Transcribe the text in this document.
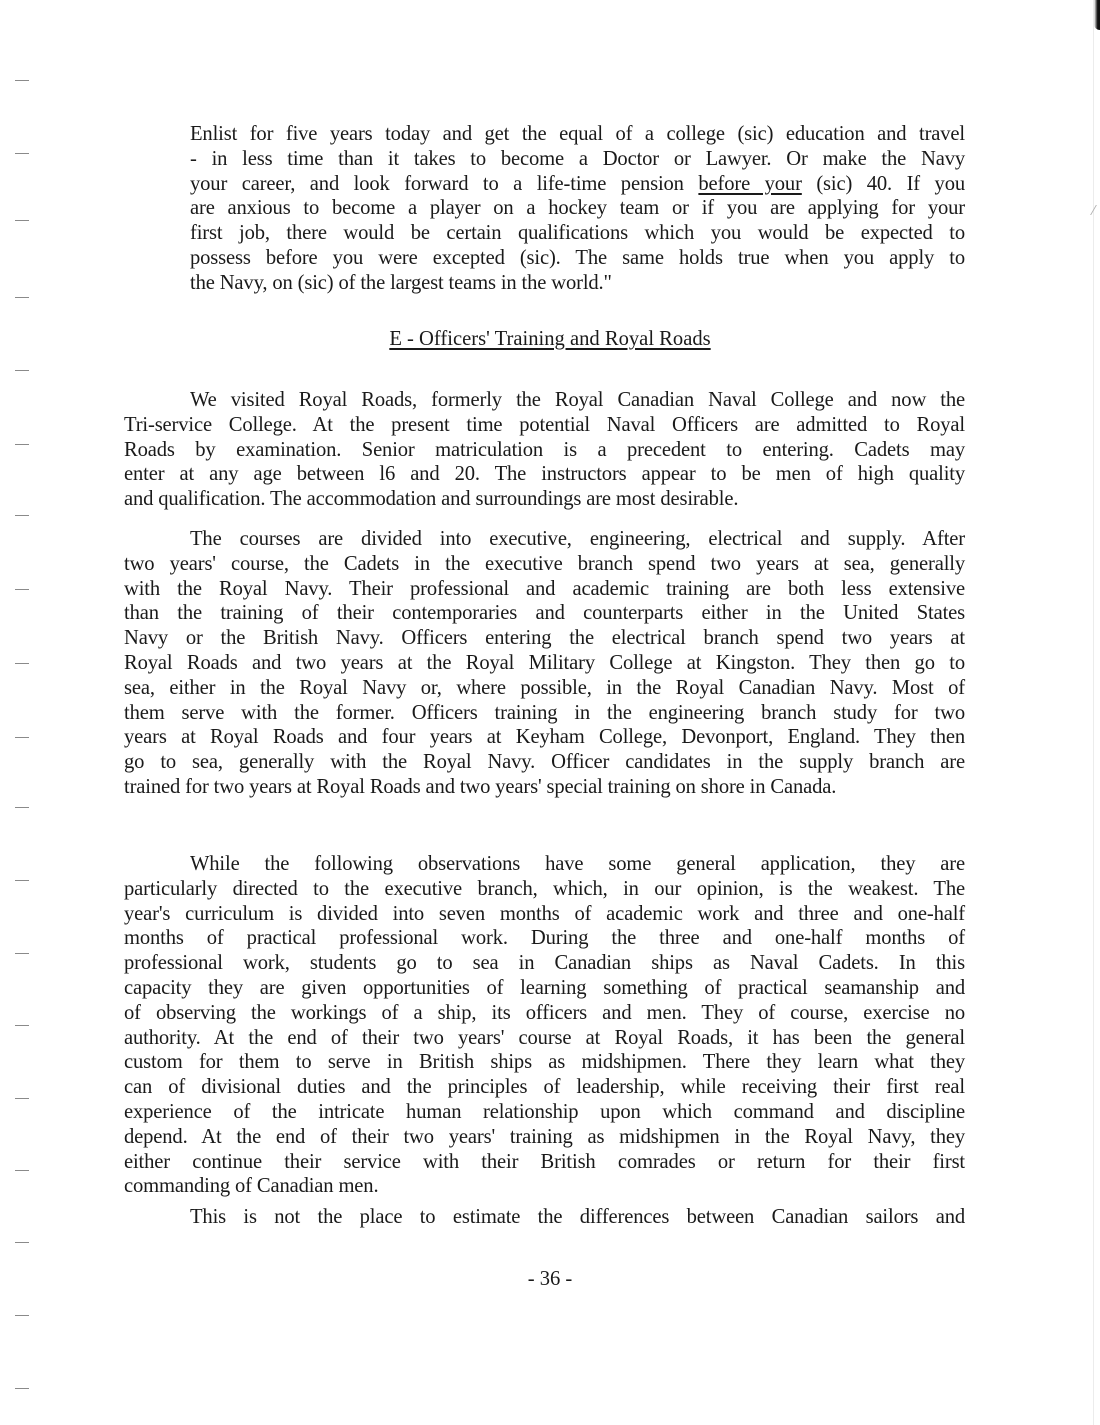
Enlist for five years today and get the equal of a college (sic) education and travel
- in less time than it takes to become a Doctor or Lawyer. Or make the Navy
your career, and look forward to a life-time pension before your (sic) 40. If you
are anxious to become a player on a hockey team or if you are applying for your
first job, there would be certain qualifications which you would be expected to
possess before you were excepted (sic). The same holds true when you apply to
the Navy, on (sic) of the largest teams in the world."
E - Officers' Training and Royal Roads
We visited Royal Roads, formerly the Royal Canadian Naval College and now the
Tri-service College. At the present time potential Naval Officers are admitted to Royal
Roads by examination. Senior matriculation is a precedent to entering. Cadets may
enter at any age between l6 and 20. The instructors appear to be men of high quality
and qualification. The accommodation and surroundings are most desirable.
The courses are divided into executive, engineering, electrical and supply. After
two years' course, the Cadets in the executive branch spend two years at sea, generally
with the Royal Navy. Their professional and academic training are both less extensive
than the training of their contemporaries and counterparts either in the United States
Navy or the British Navy. Officers entering the electrical branch spend two years at
Royal Roads and two years at the Royal Military College at Kingston. They then go to
sea, either in the Royal Navy or, where possible, in the Royal Canadian Navy. Most of
them serve with the former. Officers training in the engineering branch study for two
years at Royal Roads and four years at Keyham College, Devonport, England. They then
go to sea, generally with the Royal Navy. Officer candidates in the supply branch are
trained for two years at Royal Roads and two years' special training on shore in Canada.
While the following observations have some general application, they are
particularly directed to the executive branch, which, in our opinion, is the weakest. The
year's curriculum is divided into seven months of academic work and three and one-half
months of practical professional work. During the three and one-half months of
professional work, students go to sea in Canadian ships as Naval Cadets. In this
capacity they are given opportunities of learning something of practical seamanship and
of observing the workings of a ship, its officers and men. They of course, exercise no
authority. At the end of their two years' course at Royal Roads, it has been the general
custom for them to serve in British ships as midshipmen. There they learn what they
can of divisional duties and the principles of leadership, while receiving their first real
experience of the intricate human relationship upon which command and discipline
depend. At the end of their two years' training as midshipmen in the Royal Navy, they
either continue their service with their British comrades or return for their first
commanding of Canadian men.
This is not the place to estimate the differences between Canadian sailors and
- 36 -
